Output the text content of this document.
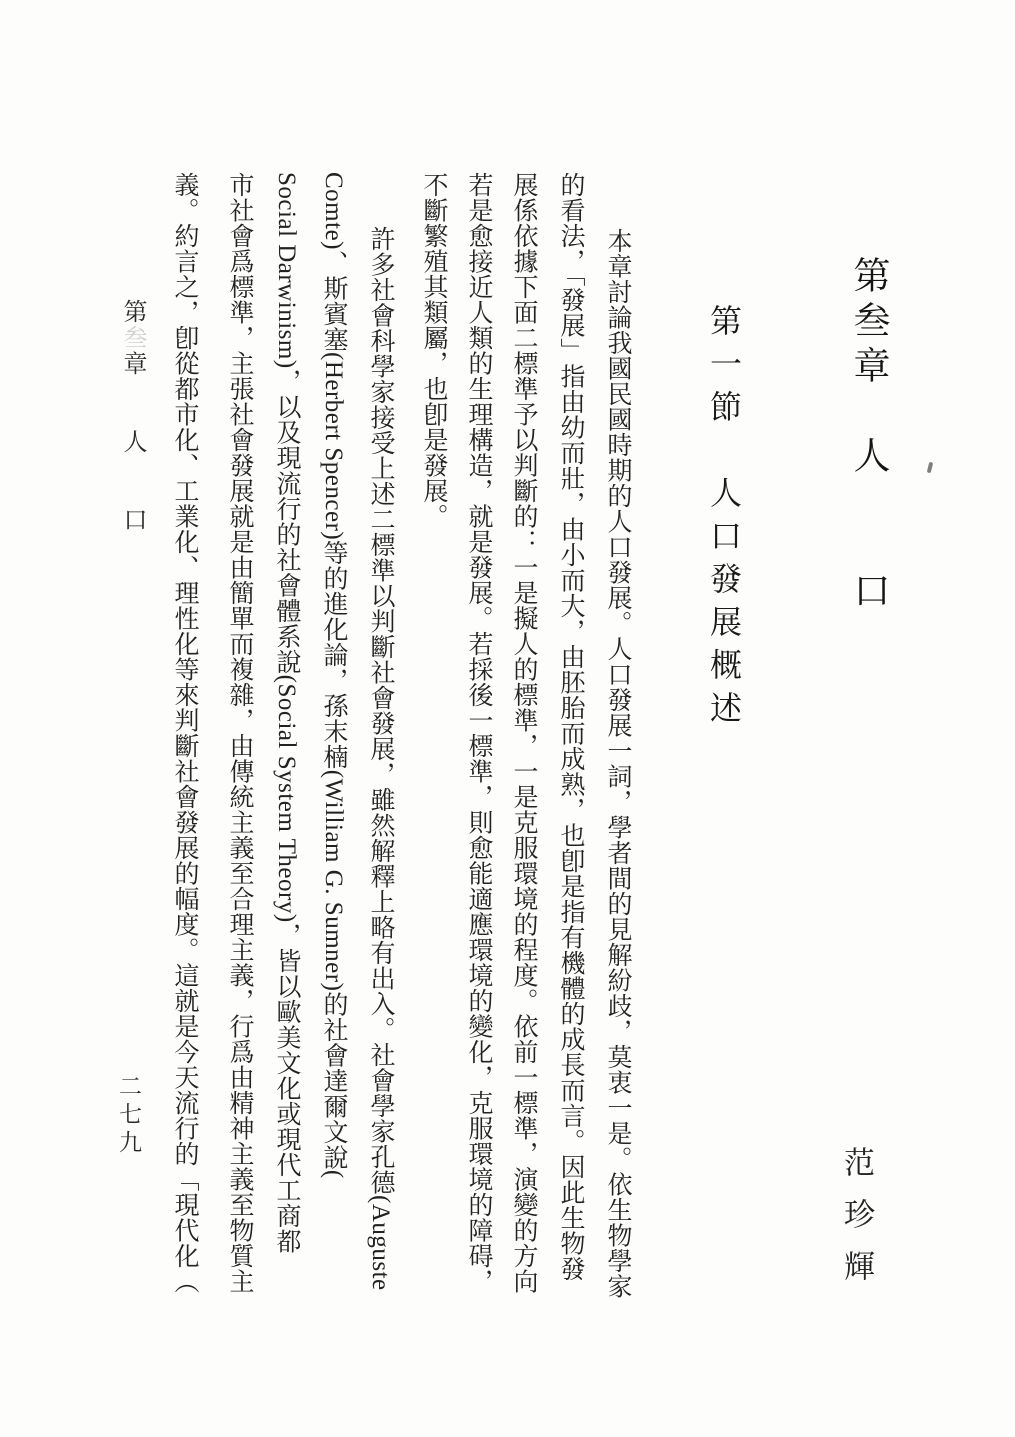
第叁章　人　　口
范珍輝
第一節　人口發展概述
本章討論我國民國時期的人口發展。人口發展一詞，學者間的見解紛歧，莫衷一是。依生物學家
的看法，「發展」指由幼而壯，由小而大，由胚胎而成熟，也卽是指有機體的成長而言。因此生物發
展係依據下面二標準予以判斷的：一是擬人的標準，一是克服環境的程度。依前一標準，演變的方向
若是愈接近人類的生理構造，就是發展。若採後一標準，則愈能適應環境的變化，克服環境的障碍，
不斷繁殖其類屬，也卽是發展。
許多社會科學家接受上述二標準以判斷社會發展，雖然解釋上略有出入。社會學家孔德(Auguste
Comte)、斯賓塞(Herbert Spencer)等的進化論，孫末楠(William G. Sumner)的社會達爾文說(
Social Darwinism)，以及現流行的社會體系說(Social System Theory)，皆以歐美文化或現代工商都
市社會爲標準，主張社會發展就是由簡單而複雜，由傳統主義至合理主義，行爲由精神主義至物質主
義。約言之，卽從都市化、工業化、理性化等來判斷社會發展的幅度。這就是今天流行的「現代化（
第叁章　　人　　口
二七九
